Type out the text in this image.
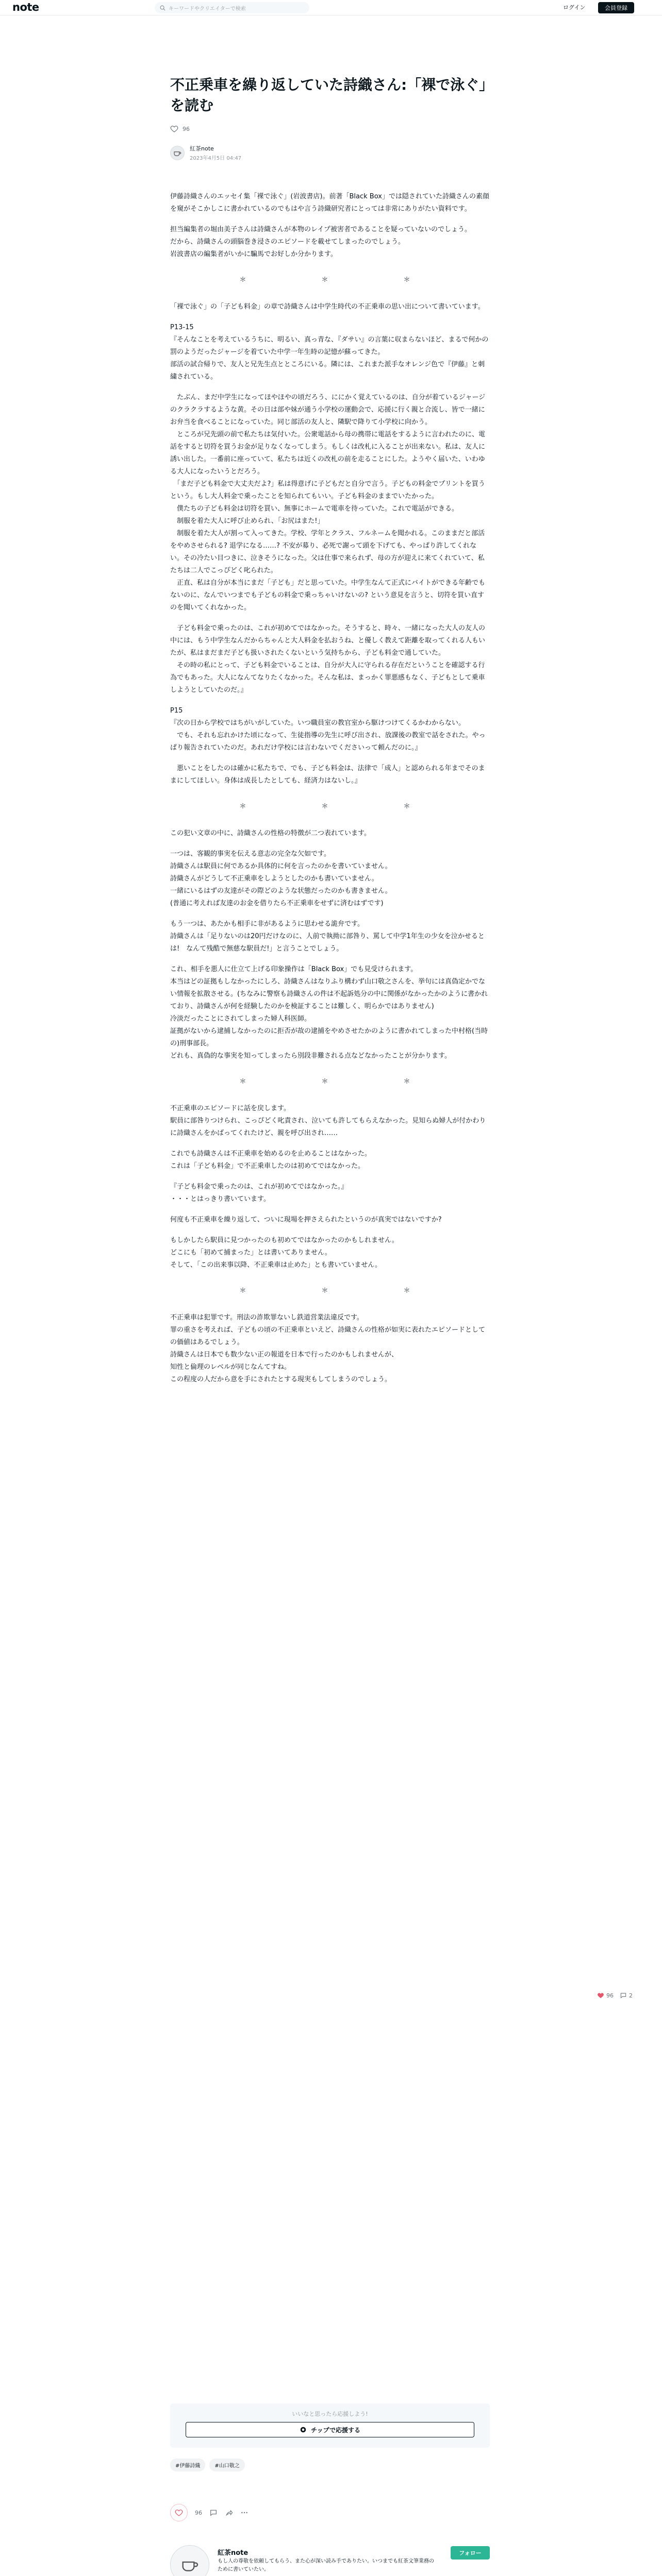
note	キーワードやクリエイターで検索	ログイン	会員登録
不正乗車を繰り返していた詩織さん:「裸で泳ぐ」を読む
96
紅茶note
2023年4月5日 04:47

伊藤詩織さんのエッセイ集「裸で泳ぐ」(岩波書店)。前著「Black Box」では隠されていた詩織さんの素顔を窺がそこかしこに書かれているのでもはや言う詩織研究者にとっては非常にありがたい資料です。

担当編集者の堀由美子さんは詩織さんが本物のレイプ被害者であることを疑っていないのでしょう。
だから、詩織さんの頭脳巻き浸さのエピソードを載せてしまったのでしょう。
岩波書店の編集者がいかに騙馬でお好しか分かります。

＊　　＊　　＊

「裸で泳ぐ」の「子ども料金」の章で詩織さんは中学生時代の不正乗車の思い出について書いています。

P13-15
『そんなことを考えているうちに、明るい、真っ青な、『ダサい』の言葉に収まらないほど、まるで何かの罰のようだったジャージを着ていた中学一年生時の記憶が蘇ってきた。
部活の試合帰りで、友人と兄先生点とところにいる。隣には、これまた派手なオレンジ色で『伊藤』と刺繍されている。

　たぶん、まだ中学生になってほやほやの頃だろう、ににかく覚えているのは、自分が着ているジャージのクラクラするような黄。その日は部や妹が通う小学校の運動会で、応援に行く親と合流し、皆で一緒にお弁当を食べることになっていた。同じ部活の友人と、隣駅で降りて小学校に向かう。
　ところが兄先頭の前で私たちは気付いた。公衆電話から母の携帯に電話をするように言われたのに、電話をすると切符を買うお金が足りなくなってしまう。もしくは改札に入ることが出来ない。私は、友人に誘い出した。一番前に座っていて、私たちは近くの改札の前を走ることにした。ようやく届いた、いわゆる大人になったいうとだろう。
　「まだ子ども料金で大丈夫だよ?」私は得意げに子どもだと自分で言う。子どもの料金でプリントを買うという。もし大人料金で乗ったことを知られてもいい。子ども料金のままでいたかった。
　僕たちの子ども料金は切符を買い、無事にホームで電車を待っていた。これで電話ができる。
　制服を着た大人に呼び止められ、「お尻はまた!」
　制服を着た大人が割って入ってきた。学校、学年とクラス、フルネームを聞かれる。このままだと部活をやめさせられる? 退学になる……? 不安が募り、必死で謝って頭を下げても、やっぱり許してくれない。その冷たい目つきに、泣きそうになった。父は仕事で来られず、母の方が迎えに来てくれていて、私たちは二人でこっぴどく叱られた。
　正直、私は自分が本当にまだ「子ども」だと思っていた。中学生なんて正式にバイトができる年齢でもないのに、なんでいつまでも子どもの料金で乗っちゃいけないの? という意見を言うと、切符を買い直すのを聞いてくれなかった。

　子ども料金で乗ったのは、これが初めてではなかった。そうすると、時々、一緒になった大人の友人の中には、もう中学生なんだからちゃんと大人料金を払おうね、と優しく教えて距離を取ってくれる人もいたが、私はまだまだ子ども扱いされたくないという気持ちから、子ども料金で通していた。
　その時の私にとって、子ども料金でいることは、自分が大人に守られる存在だということを確認する行為でもあった。大人になんてなりたくなかった。そんな私は、まっかく罪悪感もなく、子どもとして乗車しようとしていたのだ。』

P15
『次の日から学校ではちがいがしていた。いつ職員室の教官室から駆けつけてくるかわからない。
　でも、それも忘れかけた頃になって、生徒指導の先生に呼び出され、放課後の教室で話をされた。やっぱり報告されていたのだ。あれだけ学校には言わないでくださいって頼んだのに。』

　悪いことをしたのは確かに私たちで、でも、子ども料金は、法律で「成人」と認められる年までそのままにしてほしい。身体は成長したとしても、経済力はないし。』

＊　　＊　　＊

この犯い文章の中に、詩織さんの性格の特徴が二つ表れています。

一つは、客観的事実を伝える意志の完全な欠如です。
詩織さんは駅員に何であるか具体的に何を言ったのかを書いていません。
詩織さんがどうして不正乗車をしようとしたのかも書いていません。
一緒にいるはずの友達がその際どのような状態だったのかも書きません。
(普通に考えれば友達のお金を借りたら不正乗車をせずに済むはずです)

もう一つは、あたかも相手に非があるように思わせる詭弁です。
詩織さんは「足りないのは20円だけなのに、人前で執拗に部咎り、罵して中学1年生の少女を泣かせるとは!　なんて残酷で無慈な駅員だ!」と言うことでしょう。

これ、相手を悪人に仕立て上げる印象操作は「Black Box」でも見受けられます。
本当はどの証拠もしなかったにしろ、詩織さんはなりふり構わず山口敬之さんを、挙句には真偽定かでない情報を拡散させる。(ちなみに警察も詩織さんの件は不起訴処分の中に関係がなかったかのように書かれており、詩織さんが何を経験したのかを検証することは難しく、明らかではありません)
冷淡だったことにされてしまった婦人科医師。
証拠がないから逮捕しなかったのに拒否が故の逮捕をやめさせたかのように書かれてしまった中村格(当時の)刑事部長。
どれも、真偽的な事実を知ってしまったら別段非難される点などなかったことが分かります。

＊　　＊　　＊

不正乗車のエピソードに話を戻します。
駅員に部咎りつけられ、こっぴどく叱責され、泣いても許してもらえなかった。見知らぬ婦人が付かわりに詩織さんをかばってくれたけど、親を呼び出され……

これでも詩織さんは不正乗車を始めるのを止めることはなかった。
これは「子ども料金」で不正乗車したのは初めてではなかった。

『子ども料金で乗ったのは、これが初めてではなかった。』
・・・とはっきり書いています。

何度も不正乗車を繰り返して、ついに現場を押さえられたというのが真実ではないですか?

もしかしたら駅員に見つかったのも初めてではなかったのかもしれません。
どこにも「初めて捕まった」とは書いてありません。
そして、「この出来事以降、不正乗車は止めた」とも書いていません。

＊　　＊　　＊

不正乗車は犯罪です。刑法の詐欺罪ないし鉄道営業法違反です。
罪の重さを考えれば、子どもの頃の不正乗車といえど、詩織さんの性格が如実に表れたエピソードとしての価値はあるでしょう。
詩織さんは日本でも数少ない正の報道を日本で行ったのかもしれませんが、
知性と倫理のレベルが同じなんてすね。
この程度の人だから意を手にされたとする現実もしてしまうのでしょう。

96	2
いいなと思ったら応援しよう!
チップで応援する
#伊藤詩織	#山口敬之
96
紅茶note
もし人の尊敬を依頼してもらう、また心が深い読み手でありたい。いつまでも紅茶文筆業務のために書いていたい。
フォロー
